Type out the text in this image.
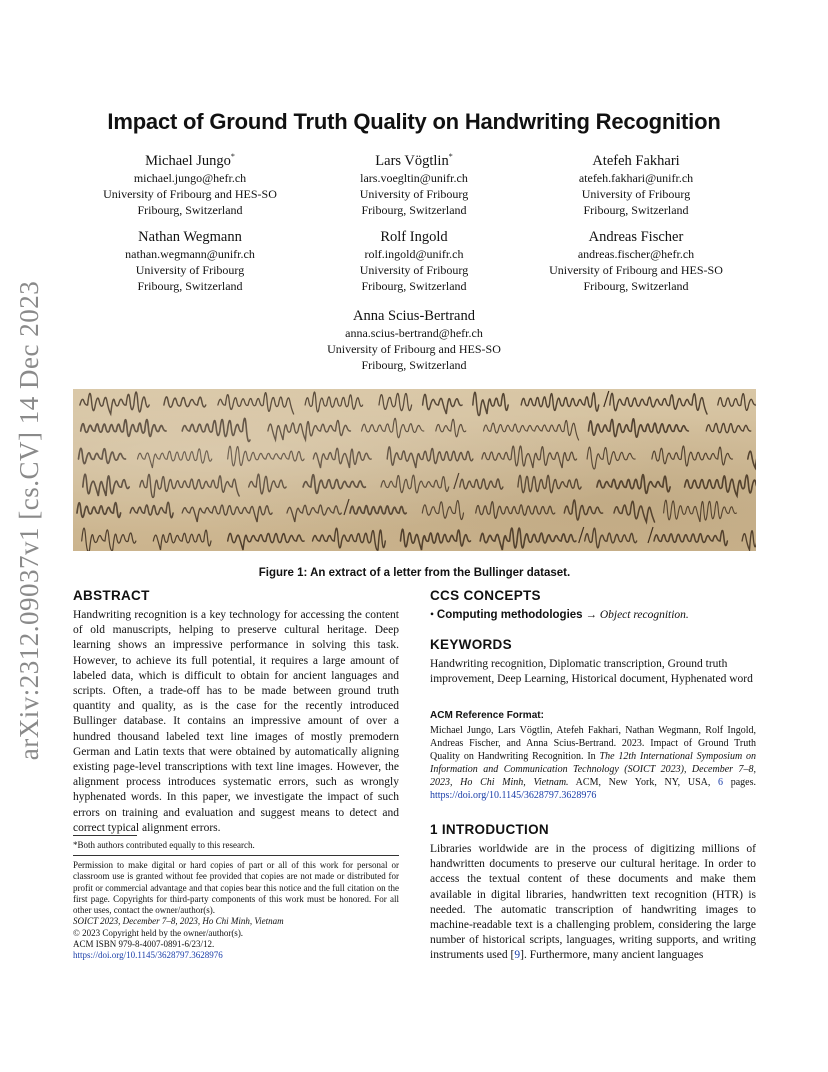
arXiv:2312.09037v1 [cs.CV] 14 Dec 2023
Impact of Ground Truth Quality on Handwriting Recognition
Michael Jungo*
michael.jungo@hefr.ch
University of Fribourg and HES-SO
Fribourg, Switzerland
Lars Vögtlin*
lars.voegltin@unifr.ch
University of Fribourg
Fribourg, Switzerland
Atefeh Fakhari
atefeh.fakhari@unifr.ch
University of Fribourg
Fribourg, Switzerland
Nathan Wegmann
nathan.wegmann@unifr.ch
University of Fribourg
Fribourg, Switzerland
Rolf Ingold
rolf.ingold@unifr.ch
University of Fribourg
Fribourg, Switzerland
Andreas Fischer
andreas.fischer@hefr.ch
University of Fribourg and HES-SO
Fribourg, Switzerland
Anna Scius-Bertrand
anna.scius-bertrand@hefr.ch
University of Fribourg and HES-SO
Fribourg, Switzerland
Figure 1: An extract of a letter from the Bullinger dataset.
ABSTRACT
Handwriting recognition is a key technology for accessing the content of old manuscripts, helping to preserve cultural heritage. Deep learning shows an impressive performance in solving this task. However, to achieve its full potential, it requires a large amount of labeled data, which is difficult to obtain for ancient languages and scripts. Often, a trade-off has to be made between ground truth quantity and quality, as is the case for the recently introduced Bullinger database. It contains an impressive amount of over a hundred thousand labeled text line images of mostly premodern German and Latin texts that were obtained by automatically aligning existing page-level transcriptions with text line images. However, the alignment process introduces systematic errors, such as wrongly hyphenated words. In this paper, we investigate the impact of such errors on training and evaluation and suggest means to detect and correct typical alignment errors.
*Both authors contributed equally to this research.
Permission to make digital or hard copies of part or all of this work for personal or classroom use is granted without fee provided that copies are not made or distributed for profit or commercial advantage and that copies bear this notice and the full citation on the first page. Copyrights for third-party components of this work must be honored. For all other uses, contact the owner/author(s).
SOICT 2023, December 7–8, 2023, Ho Chi Minh, Vietnam
© 2023 Copyright held by the owner/author(s).
ACM ISBN 979-8-4007-0891-6/23/12.
https://doi.org/10.1145/3628797.3628976
CCS CONCEPTS
• Computing methodologies → Object recognition.
KEYWORDS
Handwriting recognition, Diplomatic transcription, Ground truth improvement, Deep Learning, Historical document, Hyphenated word
ACM Reference Format:
Michael Jungo, Lars Vögtlin, Atefeh Fakhari, Nathan Wegmann, Rolf Ingold, Andreas Fischer, and Anna Scius-Bertrand. 2023. Impact of Ground Truth Quality on Handwriting Recognition. In The 12th International Symposium on Information and Communication Technology (SOICT 2023), December 7–8, 2023, Ho Chi Minh, Vietnam. ACM, New York, NY, USA, 6 pages. https://doi.org/10.1145/3628797.3628976
1 INTRODUCTION
Libraries worldwide are in the process of digitizing millions of handwritten documents to preserve our cultural heritage. In order to access the textual content of these documents and make them available in digital libraries, handwritten text recognition (HTR) is needed. The automatic transcription of handwriting images to machine-readable text is a challenging problem, considering the large number of historical scripts, languages, writing supports, and writing instruments used [9]. Furthermore, many ancient languages
